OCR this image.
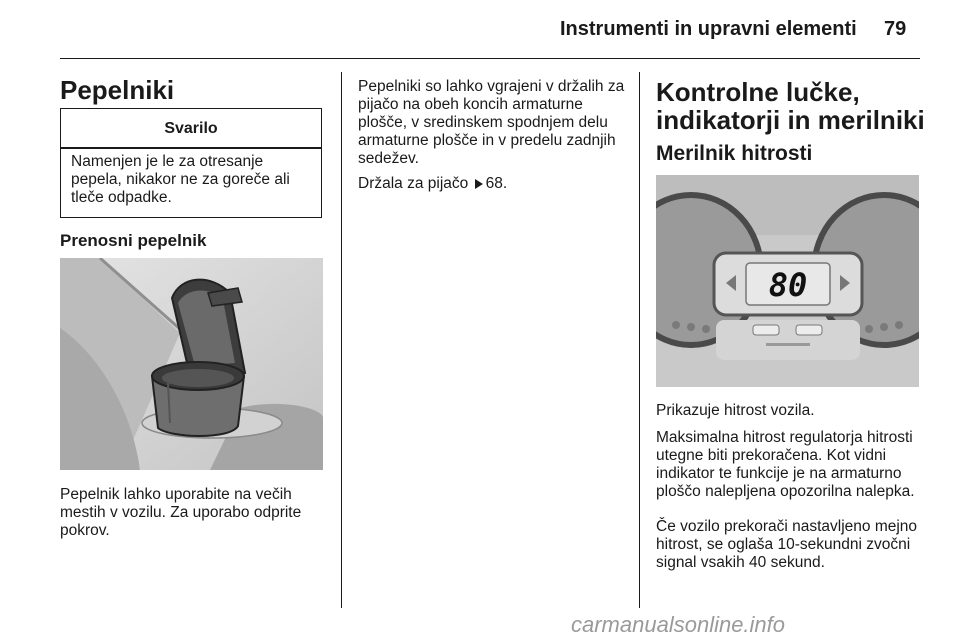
Instrumenti in upravni elementi 79
Pepelniki
Svarilo
Namenjen je le za otresanje pepela, nikakor ne za goreče ali tleče odpadke.
Prenosni pepelnik

Pepelnik lahko uporabite na večih mestih v vozilu. Za uporabo odprite pokrov.

Pepelniki so lahko vgrajeni v držalih za pijačo na obeh koncih armaturne plošče, v sredinskem spodnjem delu armaturne plošče in v predelu zadnjih sedežev.

Držala za pijačo 68.

Kontrolne lučke, indikatorji in merilniki
Merilnik hitrosti
80

Prikazuje hitrost vozila.

Maksimalna hitrost regulatorja hitrosti utegne biti prekoračena. Kot vidni indikator te funkcije je na armaturno ploščo nalepljena opozorilna nalepka.

Če vozilo prekorači nastavljeno mejno hitrost, se oglaša 10-sekundni zvočni signal vsakih 40 sekund.

carmanualsonline.info
